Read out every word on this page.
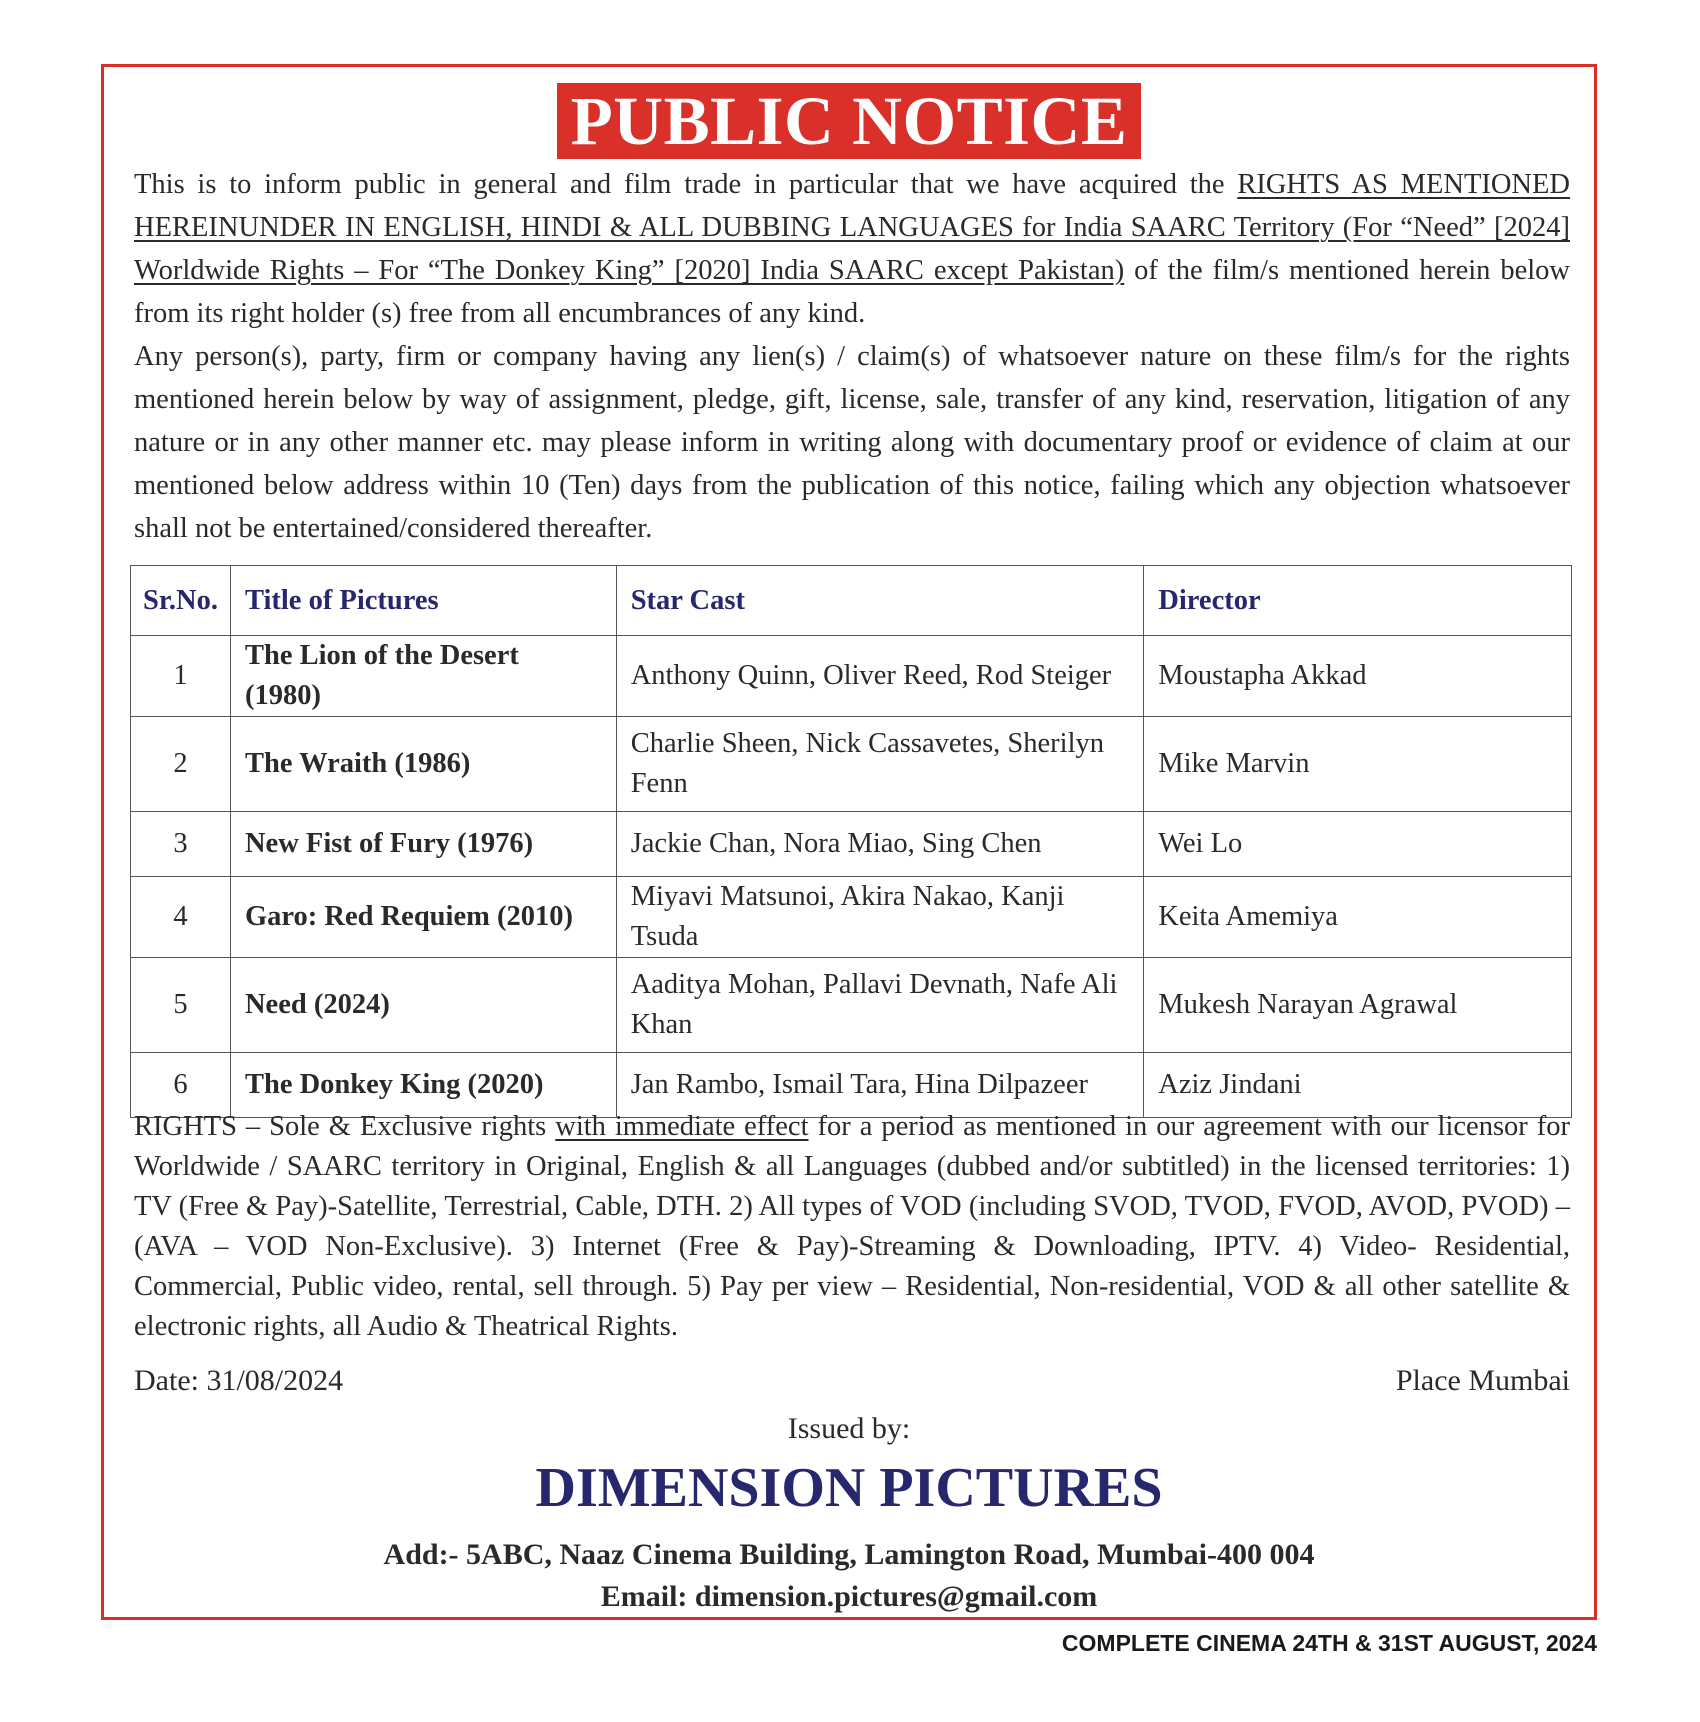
PUBLIC NOTICE

This is to inform public in general and film trade in particular that we have acquired the RIGHTS AS MENTIONED HEREINUNDER IN ENGLISH, HINDI & ALL DUBBING LANGUAGES for India SAARC Territory (For “Need” [2024] Worldwide Rights – For “The Donkey King” [2020] India SAARC except Pakistan) of the film/s mentioned herein below from its right holder (s) free from all encumbrances of any kind.

Any person(s), party, firm or company having any lien(s) / claim(s) of whatsoever nature on these film/s for the rights mentioned herein below by way of assignment, pledge, gift, license, sale, transfer of any kind, reservation, litigation of any nature or in any other manner etc. may please inform in writing along with documentary proof or evidence of claim at our mentioned below address within 10 (Ten) days from the publication of this notice, failing which any objection whatsoever shall not be entertained/considered thereafter.

Sr.No.	Title of Pictures	Star Cast	Director
1	The Lion of the Desert (1980)	Anthony Quinn, Oliver Reed, Rod Steiger	Moustapha Akkad
2	The Wraith (1986)	Charlie Sheen, Nick Cassavetes, Sherilyn Fenn	Mike Marvin
3	New Fist of Fury (1976)	Jackie Chan, Nora Miao, Sing Chen	Wei Lo
4	Garo: Red Requiem (2010)	Miyavi Matsunoi, Akira Nakao, Kanji Tsuda	Keita Amemiya
5	Need (2024)	Aaditya Mohan, Pallavi Devnath, Nafe Ali Khan	Mukesh Narayan Agrawal
6	The Donkey King (2020)	Jan Rambo, Ismail Tara, Hina Dilpazeer	Aziz Jindani

RIGHTS – Sole & Exclusive rights with immediate effect for a period as mentioned in our agreement with our licensor for Worldwide / SAARC territory in Original, English & all Languages (dubbed and/or subtitled) in the licensed territories: 1) TV (Free & Pay)-Satellite, Terrestrial, Cable, DTH. 2) All types of VOD (including SVOD, TVOD, FVOD, AVOD, PVOD) – (AVA – VOD Non-Exclusive). 3) Internet (Free & Pay)-Streaming & Downloading, IPTV. 4) Video- Residential, Commercial, Public video, rental, sell through. 5) Pay per view – Residential, Non-residential, VOD & all other satellite & electronic rights, all Audio & Theatrical Rights.

Date: 31/08/2024	Place Mumbai
Issued by:
DIMENSION PICTURES
Add:- 5ABC, Naaz Cinema Building, Lamington Road, Mumbai-400 004
Email: dimension.pictures@gmail.com
COMPLETE CINEMA 24TH & 31ST AUGUST, 2024
